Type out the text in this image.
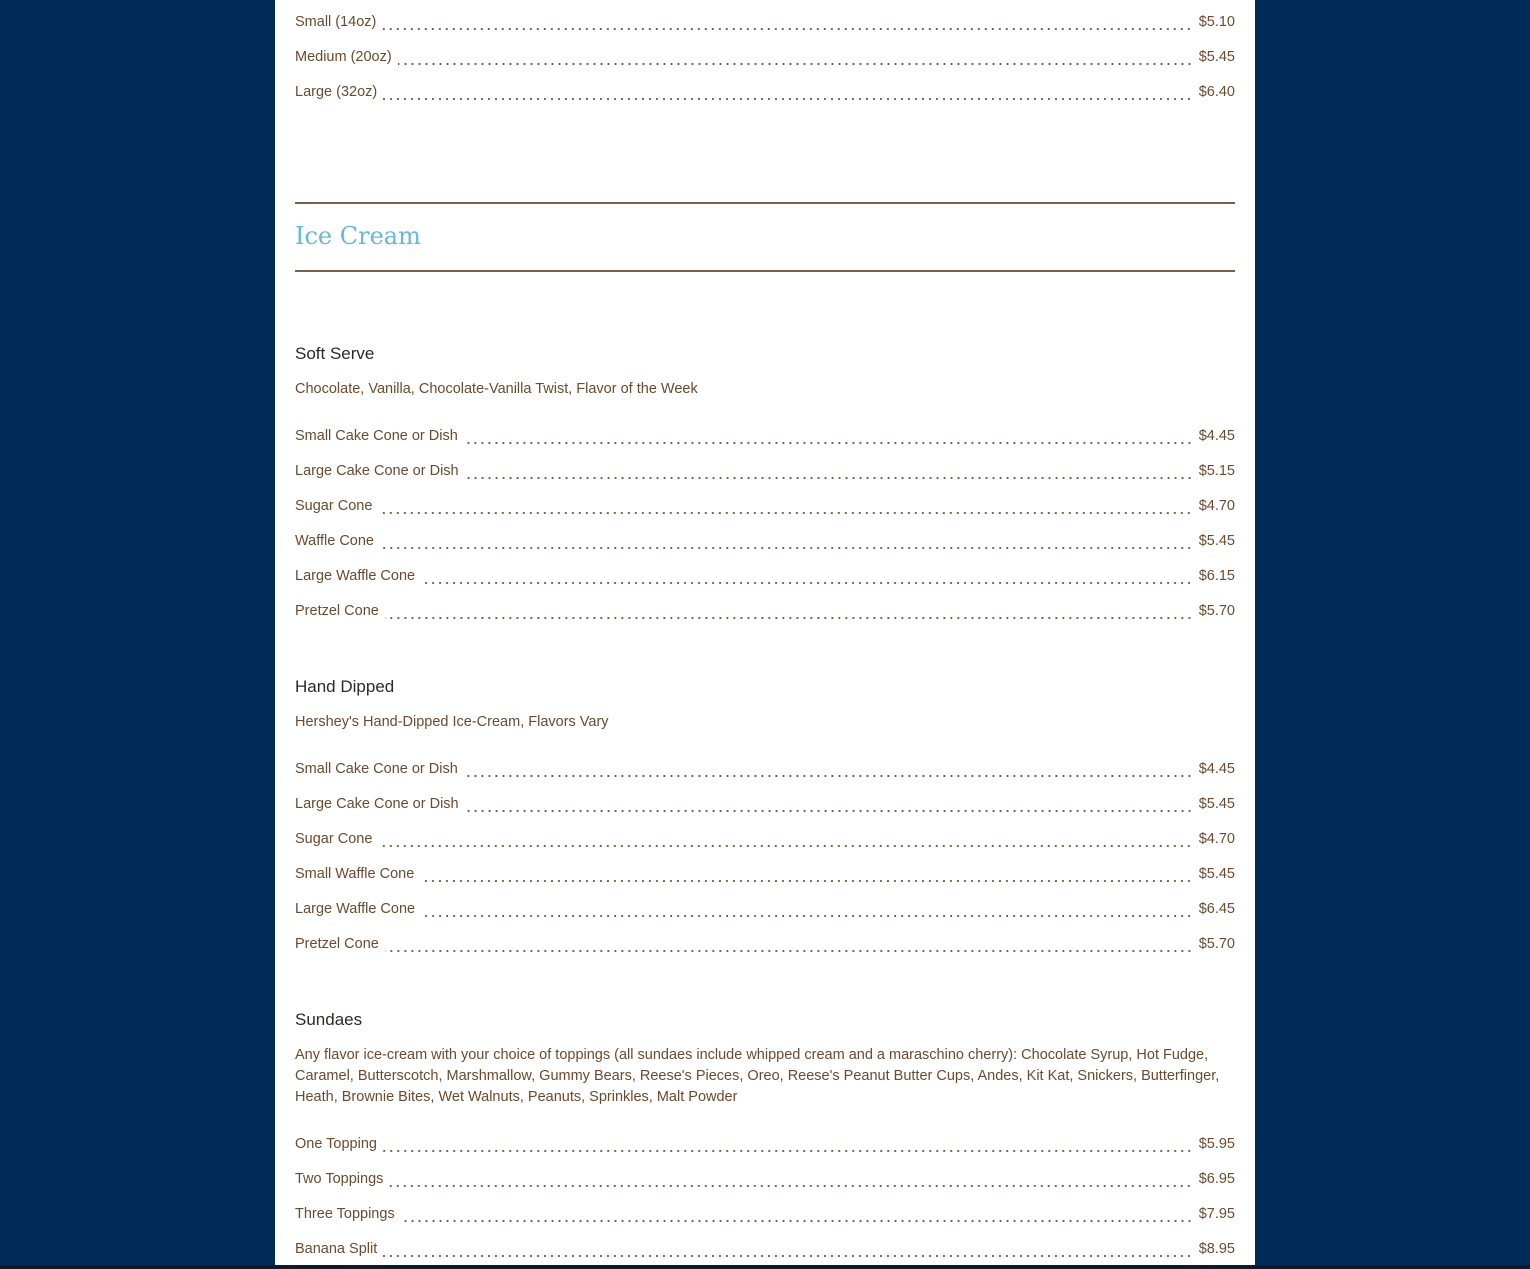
Small (14oz)	$5.10
Medium (20oz)	$5.45
Large (32oz)	$6.40
Ice Cream
Soft Serve

Chocolate, Vanilla, Chocolate-Vanilla Twist, Flavor of the Week

Small Cake Cone or Dish	$4.45
Large Cake Cone or Dish	$5.15
Sugar Cone	$4.70
Waffle Cone	$5.45
Large Waffle Cone	$6.15
Pretzel Cone	$5.70
Hand Dipped

Hershey's Hand-Dipped Ice-Cream, Flavors Vary

Small Cake Cone or Dish	$4.45
Large Cake Cone or Dish	$5.45
Sugar Cone	$4.70
Small Waffle Cone	$5.45
Large Waffle Cone	$6.45
Pretzel Cone	$5.70
Sundaes

Any flavor ice-cream with your choice of toppings (all sundaes include whipped cream and a maraschino cherry): Chocolate Syrup, Hot Fudge, Caramel, Butterscotch, Marshmallow, Gummy Bears, Reese's Pieces, Oreo, Reese's Peanut Butter Cups, Andes, Kit Kat, Snickers, Butterfinger, Heath, Brownie Bites, Wet Walnuts, Peanuts, Sprinkles, Malt Powder

One Topping	$5.95
Two Toppings	$6.95
Three Toppings	$7.95
Banana Split	$8.95
